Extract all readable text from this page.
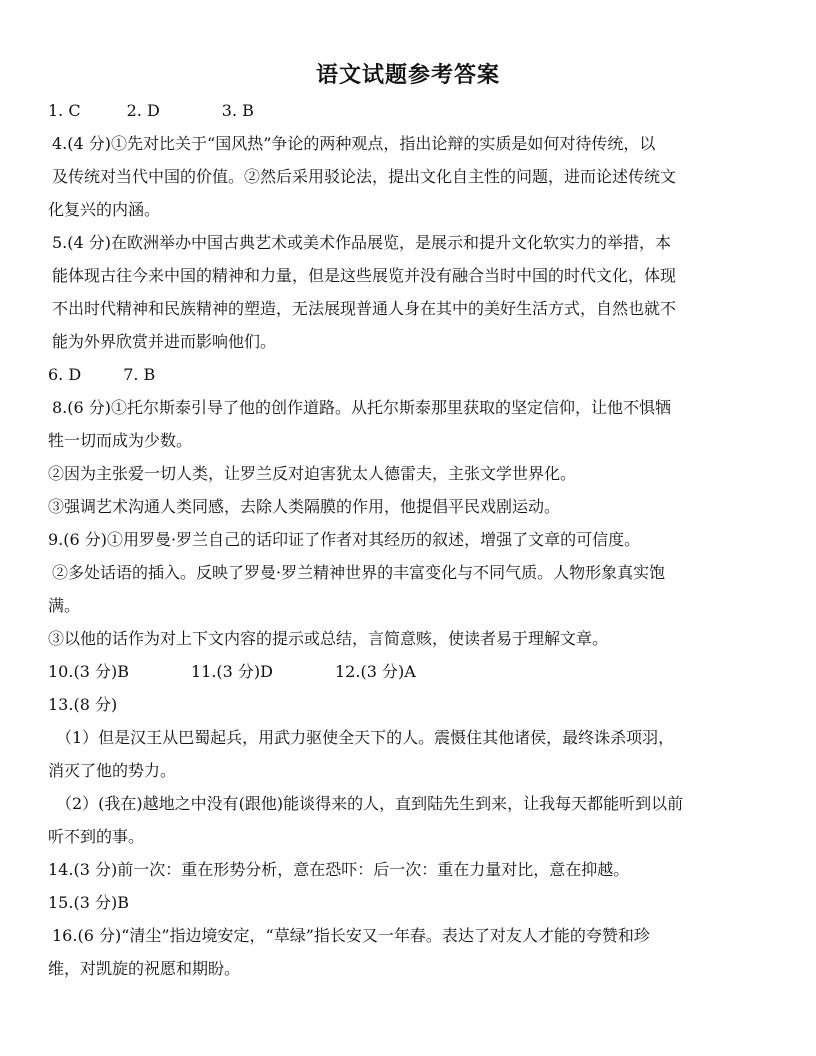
语文试题参考答案
1. C	2. D	3. B
4.(4 分)①先对比关于“国风热”争论的两种观点，指出论辩的实质是如何对待传统，以
及传统对当代中国的价值。②然后采用驳论法，提出文化自主性的问题，进而论述传统文
化复兴的内涵。
5.(4 分)在欧洲举办中国古典艺术或美术作品展览，是展示和提升文化软实力的举措，本
能体现古往今来中国的精神和力量，但是这些展览并没有融合当时中国的时代文化，体现
不出时代精神和民族精神的塑造，无法展现普通人身在其中的美好生活方式，自然也就不
能为外界欣赏并进而影响他们。
6. D	7. B
8.(6 分)①托尔斯泰引导了他的创作道路。从托尔斯泰那里获取的坚定信仰，让他不惧牺
牲一切而成为少数。
②因为主张爱一切人类，让罗兰反对迫害犹太人德雷夫，主张文学世界化。
③强调艺术沟通人类同感，去除人类隔膜的作用，他提倡平民戏剧运动。
9.(6 分)①用罗曼·罗兰自己的话印证了作者对其经历的叙述，增强了文章的可信度。
②多处话语的插入。反映了罗曼·罗兰精神世界的丰富变化与不同气质。人物形象真实饱
满。
③以他的话作为对上下文内容的提示或总结，言简意赅，使读者易于理解文章。
10.(3 分)B	11.(3 分)D	12.(3 分)A
13.(8 分)
（1）但是汉王从巴蜀起兵，用武力驱使全天下的人。震慑住其他诸侯，最终诛杀项羽，
消灭了他的势力。
（2）(我在)越地之中没有(跟他)能谈得来的人，直到陆先生到来，让我每天都能听到以前
听不到的事。
14.(3 分)前一次：重在形势分析，意在恐吓：后一次：重在力量对比，意在抑越。
15.(3 分)B
16.(6 分)“清尘”指边境安定，“草绿”指长安又一年春。表达了对友人才能的夸赞和珍
维，对凯旋的祝愿和期盼。
